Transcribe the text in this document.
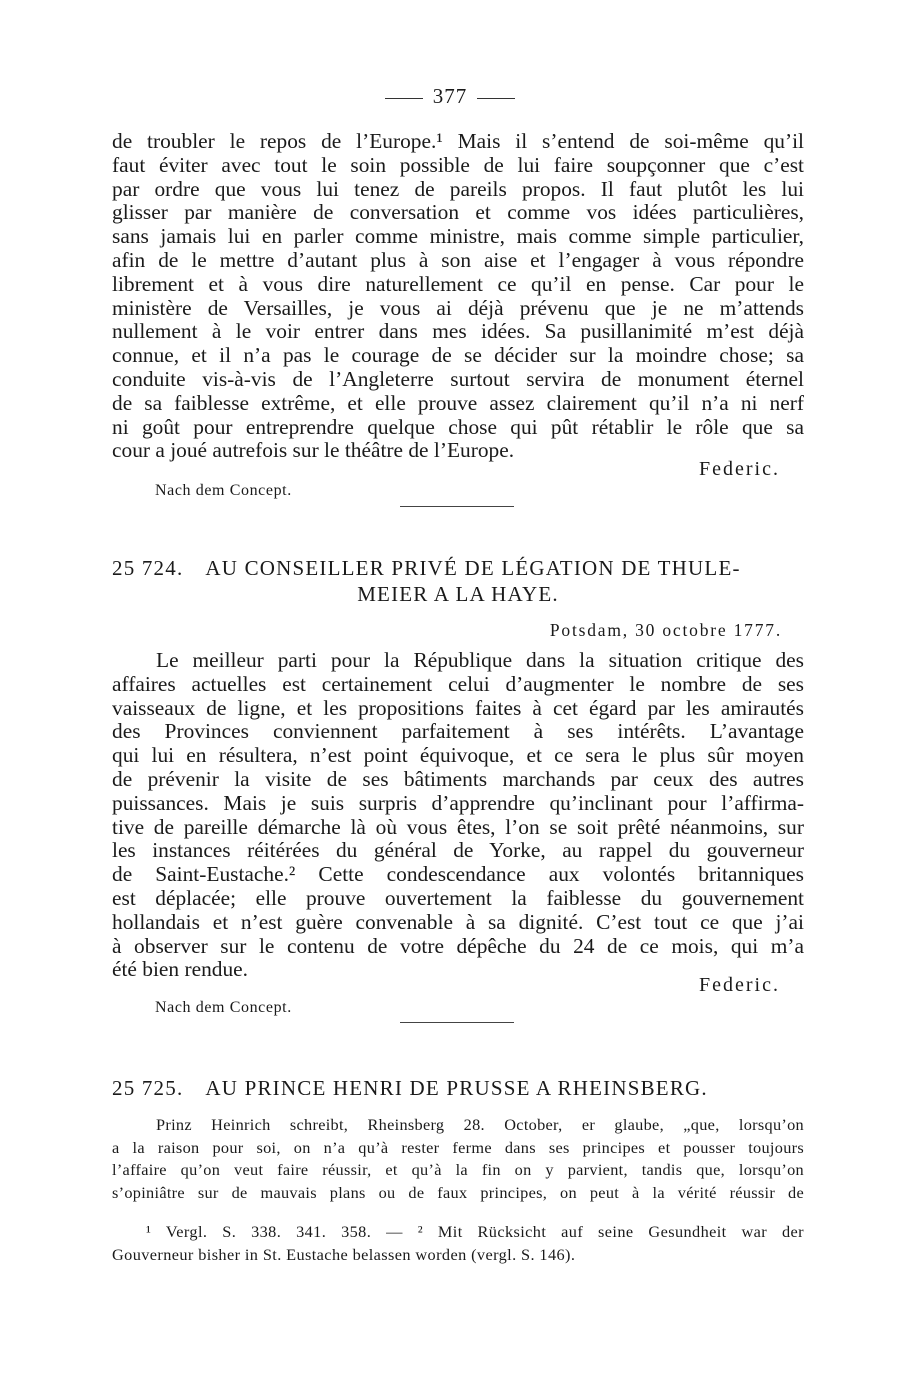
377
de troubler le repos de l’Europe.¹ Mais il s’entend de soi-même qu’il
faut éviter avec tout le soin possible de lui faire soupçonner que c’est
par ordre que vous lui tenez de pareils propos. Il faut plutôt les lui
glisser par manière de conversation et comme vos idées particulières,
sans jamais lui en parler comme ministre, mais comme simple particulier,
afin de le mettre d’autant plus à son aise et l’engager à vous répondre
librement et à vous dire naturellement ce qu’il en pense. Car pour le
ministère de Versailles, je vous ai déjà prévenu que je ne m’attends
nullement à le voir entrer dans mes idées. Sa pusillanimité m’est déjà
connue, et il n’a pas le courage de se décider sur la moindre chose; sa
conduite vis-à-vis de l’Angleterre surtout servira de monument éternel
de sa faiblesse extrême, et elle prouve assez clairement qu’il n’a ni nerf
ni goût pour entreprendre quelque chose qui pût rétablir le rôle que sa
cour a joué autrefois sur le théâtre de l’Europe.
Federic.
Nach dem Concept.
25 724. AU CONSEILLER PRIVÉ DE LÉGATION DE THULE-
MEIER A LA HAYE.
Potsdam, 30 octobre 1777.
Le meilleur parti pour la République dans la situation critique des
affaires actuelles est certainement celui d’augmenter le nombre de ses
vaisseaux de ligne, et les propositions faites à cet égard par les amirautés
des Provinces conviennent parfaitement à ses intérêts. L’avantage
qui lui en résultera, n’est point équivoque, et ce sera le plus sûr moyen
de prévenir la visite de ses bâtiments marchands par ceux des autres
puissances. Mais je suis surpris d’apprendre qu’inclinant pour l’affirma-
tive de pareille démarche là où vous êtes, l’on se soit prêté néanmoins, sur
les instances réitérées du général de Yorke, au rappel du gouverneur
de Saint-Eustache.² Cette condescendance aux volontés britanniques
est déplacée; elle prouve ouvertement la faiblesse du gouvernement
hollandais et n’est guère convenable à sa dignité. C’est tout ce que j’ai
à observer sur le contenu de votre dépêche du 24 de ce mois, qui m’a
été bien rendue.
Federic.
Nach dem Concept.
25 725. AU PRINCE HENRI DE PRUSSE A RHEINSBERG.
Prinz Heinrich schreibt, Rheinsberg 28. October, er glaube, „que, lorsqu’on
a la raison pour soi, on n’a qu’à rester ferme dans ses principes et pousser toujours
l’affaire qu’on veut faire réussir, et qu’à la fin on y parvient, tandis que, lorsqu’on
s’opiniâtre sur de mauvais plans ou de faux principes, on peut à la vérité réussir de
¹ Vergl. S. 338. 341. 358. — ² Mit Rücksicht auf seine Gesundheit war der
Gouverneur bisher in St. Eustache belassen worden (vergl. S. 146).
